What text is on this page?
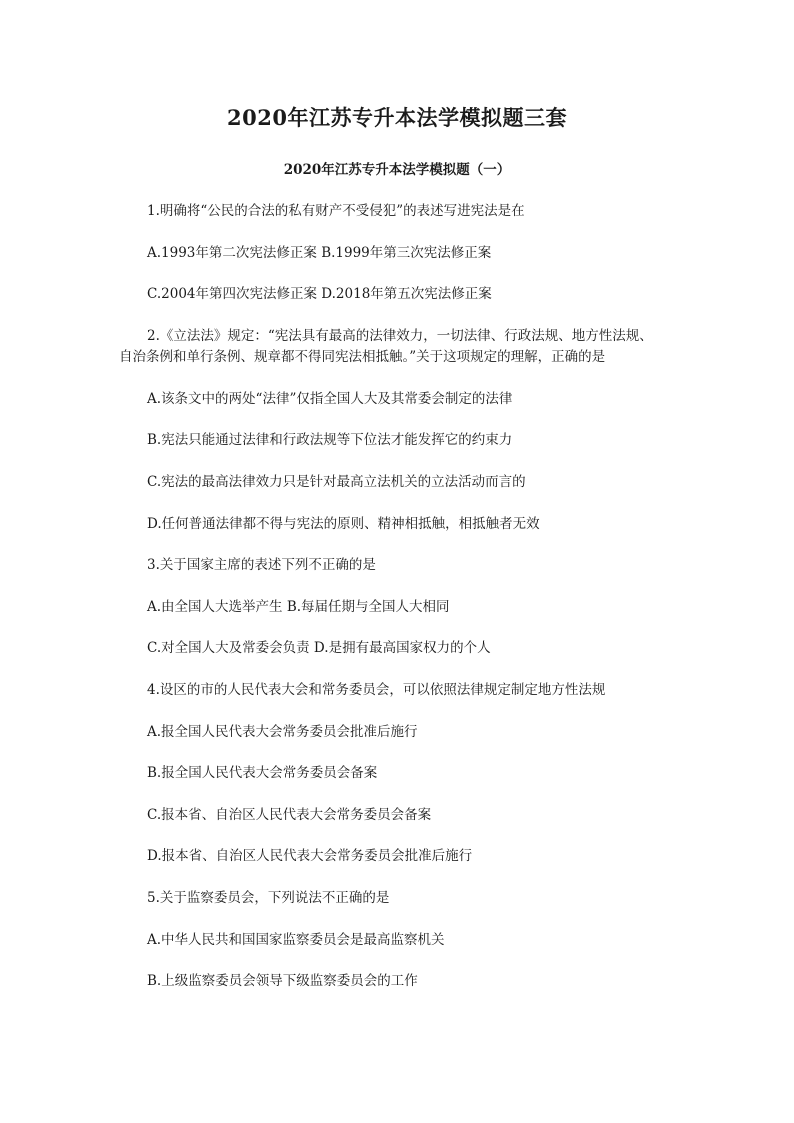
2020年江苏专升本法学模拟题三套
2020年江苏专升本法学模拟题（一）
1.明确将“公民的合法的私有财产不受侵犯”的表述写进宪法是在
A.1993年第二次宪法修正案 B.1999年第三次宪法修正案
C.2004年第四次宪法修正案 D.2018年第五次宪法修正案
2.《立法法》规定：“宪法具有最高的法律效力，一切法律、行政法规、地方性法规、
自治条例和单行条例、规章都不得同宪法相抵触。”关于这项规定的理解，正确的是
A.该条文中的两处“法律”仅指全国人大及其常委会制定的法律
B.宪法只能通过法律和行政法规等下位法才能发挥它的约束力
C.宪法的最高法律效力只是针对最高立法机关的立法活动而言的
D.任何普通法律都不得与宪法的原则、精神相抵触，相抵触者无效
3.关于国家主席的表述下列不正确的是
A.由全国人大选举产生 B.每届任期与全国人大相同
C.对全国人大及常委会负责 D.是拥有最高国家权力的个人
4.设区的市的人民代表大会和常务委员会，可以依照法律规定制定地方性法规
A.报全国人民代表大会常务委员会批准后施行
B.报全国人民代表大会常务委员会备案
C.报本省、自治区人民代表大会常务委员会备案
D.报本省、自治区人民代表大会常务委员会批准后施行
5.关于监察委员会，下列说法不正确的是
A.中华人民共和国国家监察委员会是最高监察机关
B.上级监察委员会领导下级监察委员会的工作
